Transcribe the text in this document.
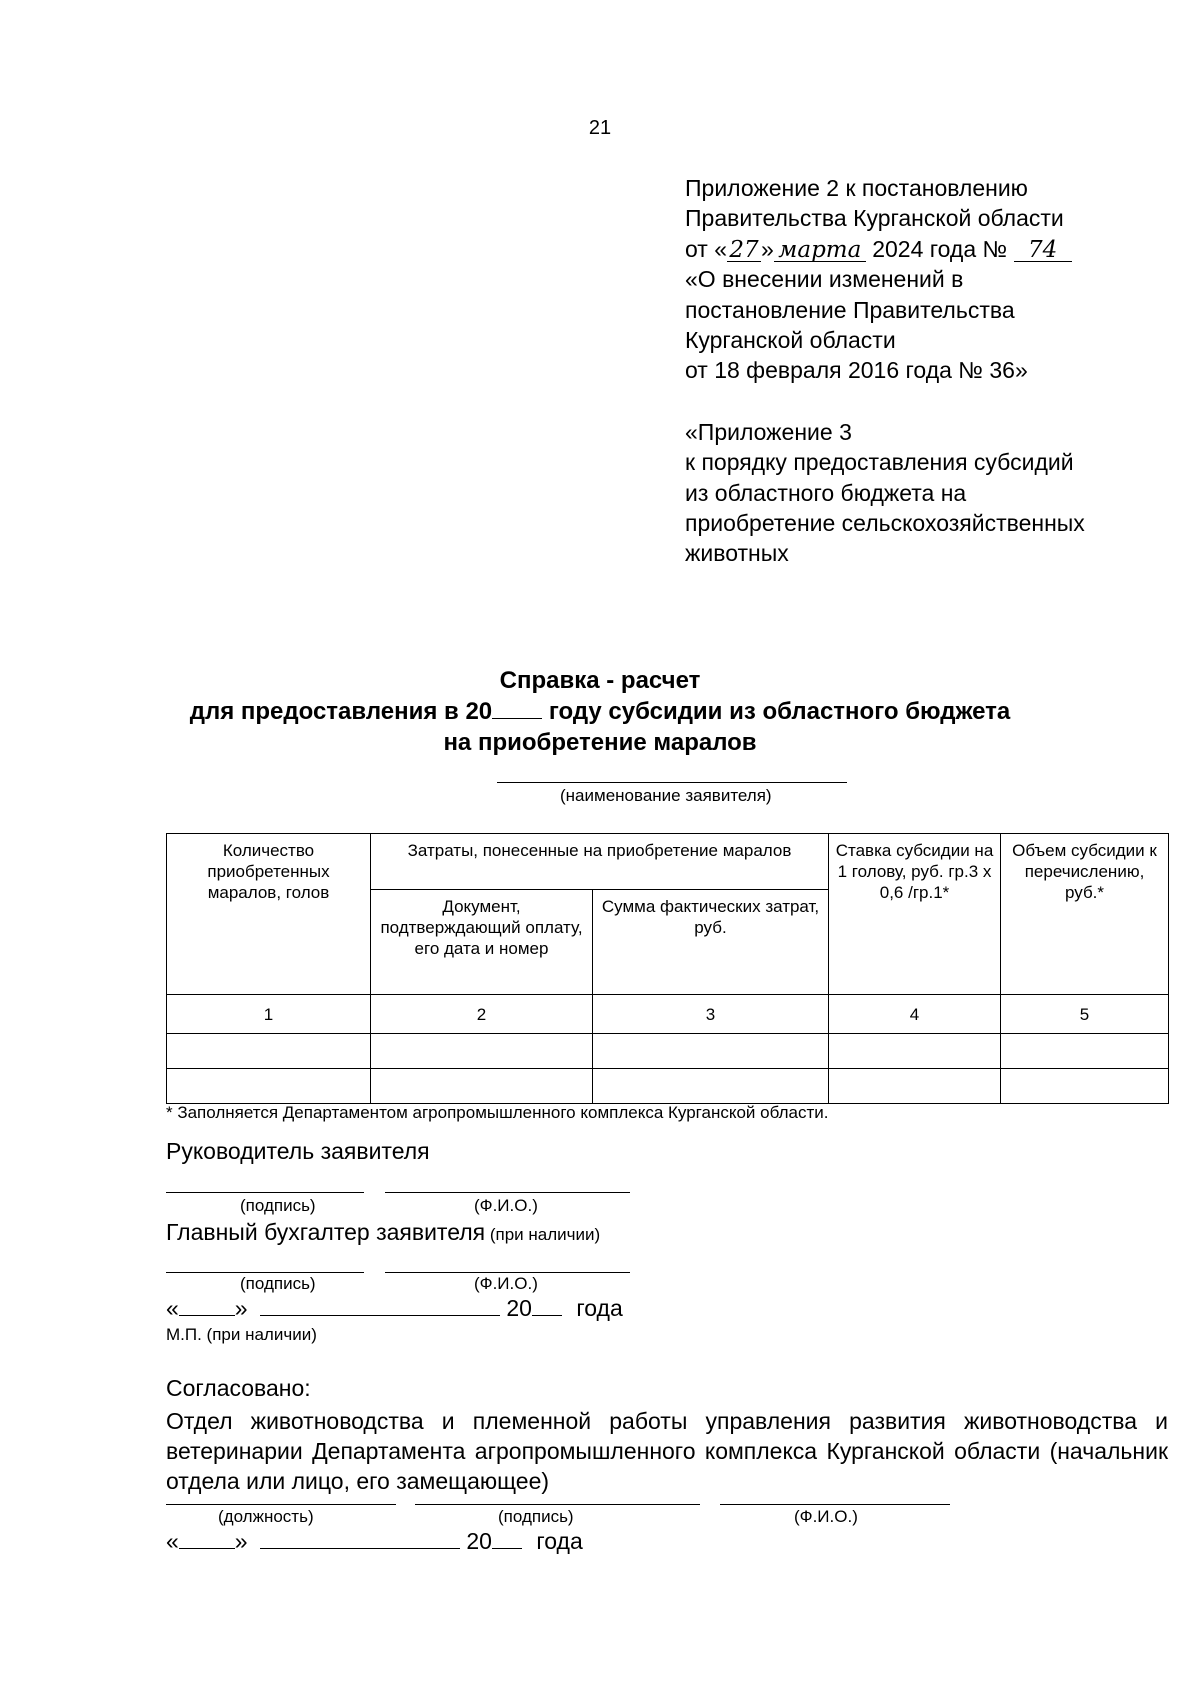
21
Приложение 2 к постановлению
Правительства Курганской области
от « 27 » марта 2024 года № 74
«О внесении изменений в
постановление Правительства
Курганской области
от 18 февраля 2016 года № 36»
«Приложение 3
к порядку предоставления субсидий
из областного бюджета на
приобретение сельскохозяйственных
животных
Справка - расчет
для предоставления в 20 году субсидии из областного бюджета
на приобретение маралов
(наименование заявителя)
Количество приобретенных маралов, голов	Затраты, понесенные на приобретение маралов		Ставка субсидии на 1 голову, руб. гр.3 х 0,6 /гр.1*	Объем субсидии к перечислению, руб.*
	Документ, подтверждающий оплату, его дата и номер	Сумма фактических затрат, руб.		
1	2	3	4	5

* Заполняется Департаментом агропромышленного комплекса Курганской области.
Руководитель заявителя
(подпись)	(Ф.И.О.)
Главный бухгалтер заявителя (при наличии)
(подпись)	(Ф.И.О.)
« »	20 года
М.П. (при наличии)
Согласовано:
Отдел животноводства и племенной работы управления развития животноводства и ветеринарии Департамента агропромышленного комплекса Курганской области (начальник отдела или лицо, его замещающее)
(должность)	(подпись)	(Ф.И.О.)
« »	20 года
